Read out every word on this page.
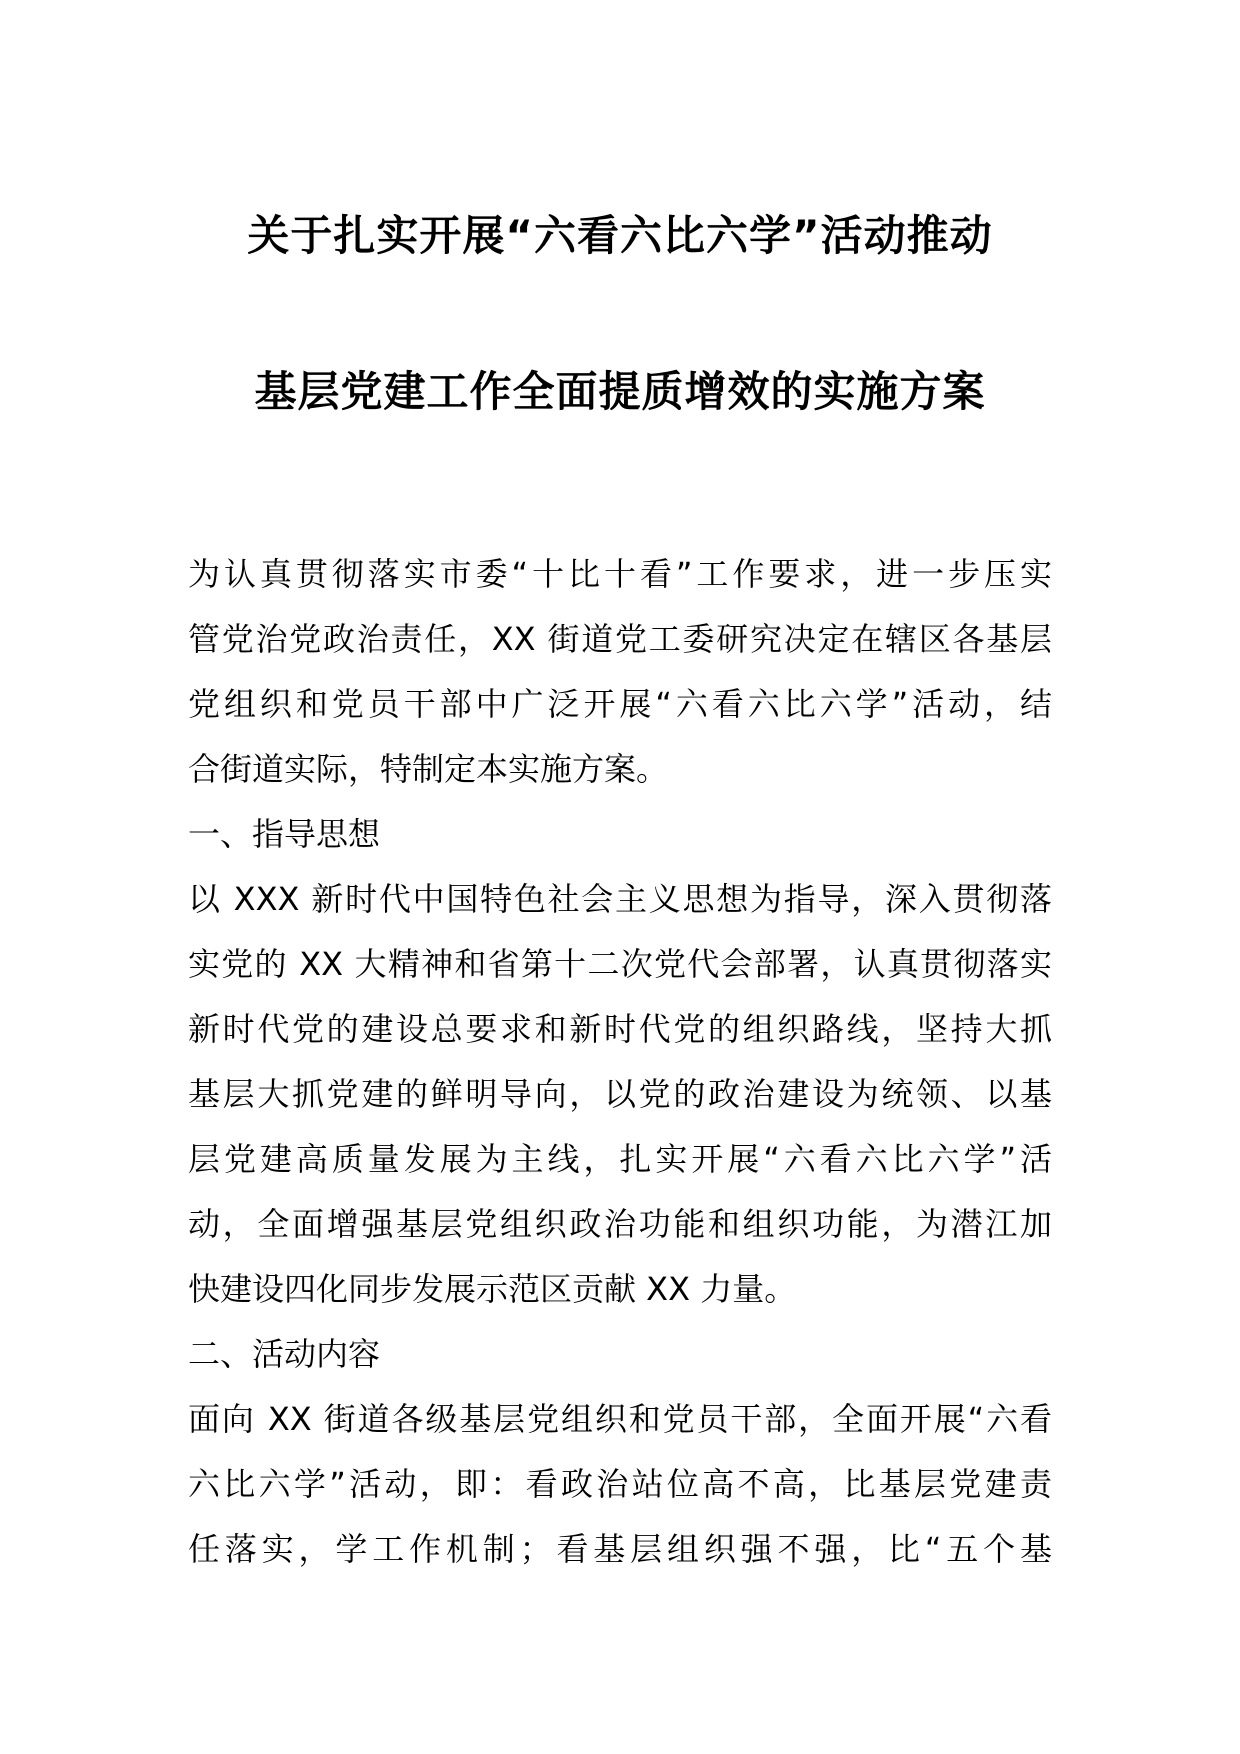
关于扎实开展“六看六比六学”活动推动
基层党建工作全面提质增效的实施方案
为认真贯彻落实市委“十比十看”工作要求，进一步压实
管党治党政治责任，XX 街道党工委研究决定在辖区各基层
党组织和党员干部中广泛开展“六看六比六学”活动，结
合街道实际，特制定本实施方案。
一、指导思想
以 XXX 新时代中国特色社会主义思想为指导，深入贯彻落
实党的 XX 大精神和省第十二次党代会部署，认真贯彻落实
新时代党的建设总要求和新时代党的组织路线，坚持大抓
基层大抓党建的鲜明导向，以党的政治建设为统领、以基
层党建高质量发展为主线，扎实开展“六看六比六学”活
动，全面增强基层党组织政治功能和组织功能，为潜江加
快建设四化同步发展示范区贡献 XX 力量。
二、活动内容
面向 XX 街道各级基层党组织和党员干部，全面开展“六看
六比六学”活动，即：看政治站位高不高，比基层党建责
任落实，学工作机制；看基层组织强不强，比“五个基
